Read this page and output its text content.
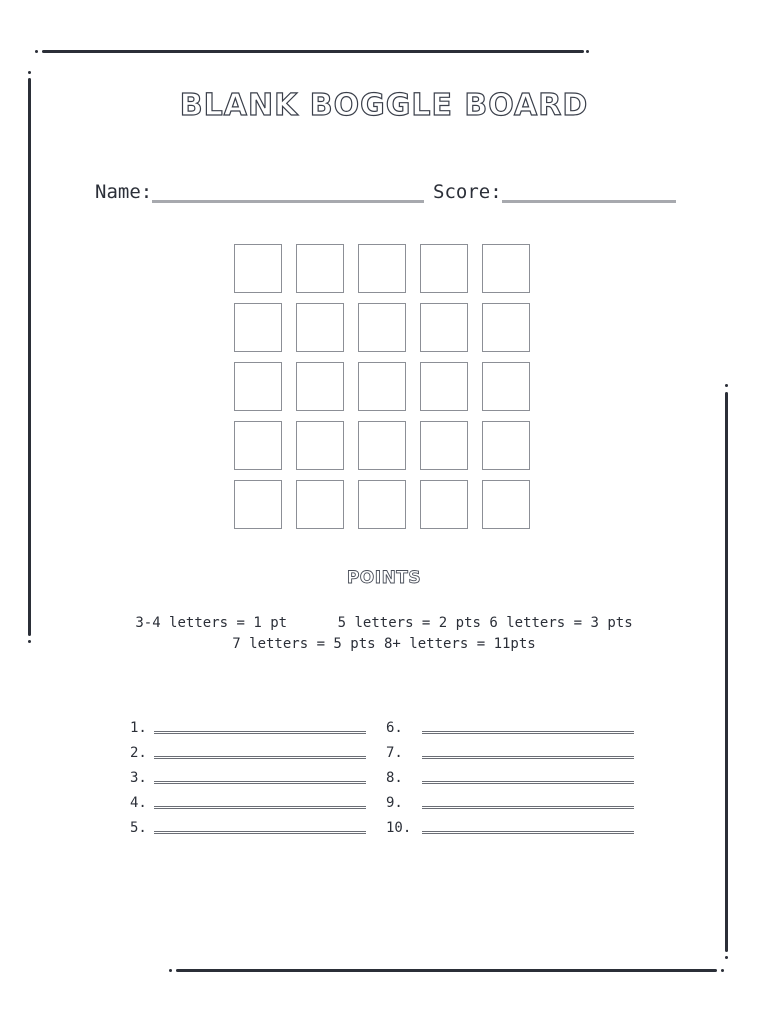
BLANK BOGGLE BOARD
Name:	Score:
POINTS
3-4 letters = 1 pt      5 letters = 2 pts 6 letters = 3 pts
7 letters = 5 pts 8+ letters = 11pts
1.
2.
3.
4.
5.
6.
7.
8.
9.
10.
